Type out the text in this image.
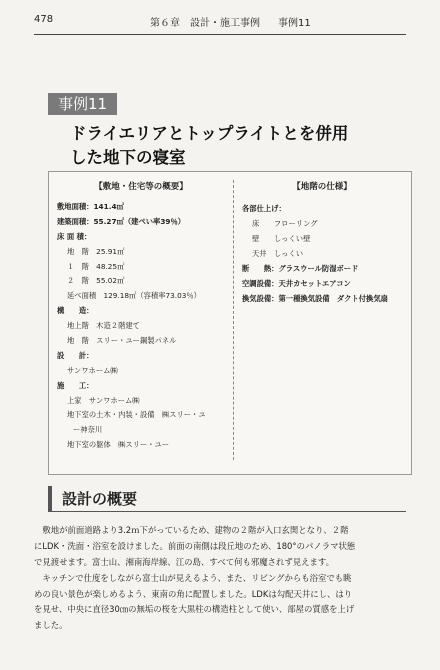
478	第６章　設計・施工事例 事例11
事例11
ドライエリアとトップライトとを併用
した地下の寝室
【敷地・住宅等の概要】
敷地面積：141.4㎡
建築面積：55.27㎡（建ぺい率39％）
床 面 積：
地　階　25.91㎡
１　階　48.25㎡
２　階　55.02㎡
延べ面積　129.18㎡（容積率73.03％）
構　　造：
地上階　木造２階建て
地　階　スリー・ユー鋼製パネル
設　　計：
サンワホーム㈱
施　　工：
上家　サンワホーム㈱
地下室の土木・内装・設備　㈱スリー・ユ
ー神奈川
地下室の躯体　㈱スリー・ユー
【地階の仕様】
各部仕上げ：
床　　フローリング
壁　　しっくい壁
天井　しっくい
断　　熱：グラスウール防湿ボード
空調設備：天井カセットエアコン
換気設備：第一種換気設備　ダクト付換気扇
設計の概要
　敷地が前面道路より3.2ｍ下がっているため、建物の２階が入口玄関となり、２階
にLDK・洗面・浴室を設けました。前面の南側は段丘地のため、180°のパノラマ状態
で見渡せます。富士山、湘南海岸線、江の島、すべて何も邪魔されず見えます。
　キッチンで仕度をしながら富士山が見えるよう、また、リビングからも浴室でも眺
めの良い景色が楽しめるよう、東南の角に配置しました。LDKは勾配天井にし、はり
を見せ、中央に直径30㎝の無垢の桜を大黒柱の構造柱として使い、部屋の質感を上げ
ました。
